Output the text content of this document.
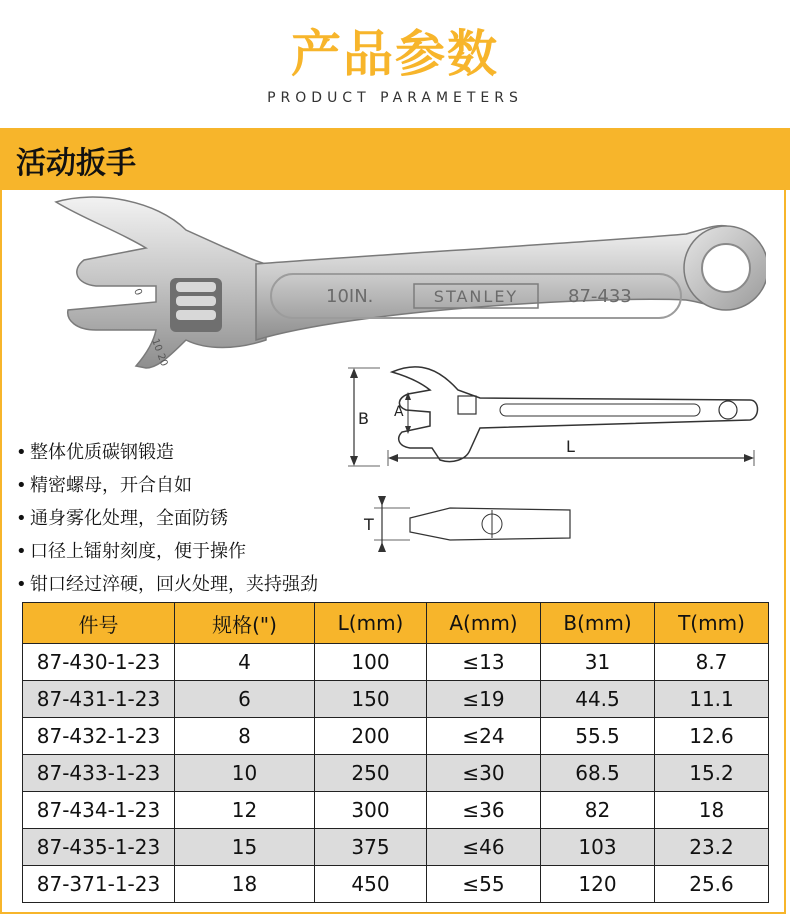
产品参数
PRODUCT PARAMETERS
活动扳手
0
10 20
10IN.	STANLEY	87-433
B A
L
T
• 整体优质碳钢锻造
• 精密螺母，开合自如
• 通身雾化处理，全面防锈
• 口径上镭射刻度，便于操作
• 钳口经过淬硬，回火处理，夹持强劲
件号	规格(")	L(mm)	A(mm)	B(mm)	T(mm)
87-430-1-23	4	100	≤13	31	8.7
87-431-1-23	6	150	≤19	44.5	11.1
87-432-1-23	8	200	≤24	55.5	12.6
87-433-1-23	10	250	≤30	68.5	15.2
87-434-1-23	12	300	≤36	82	18
87-435-1-23	15	375	≤46	103	23.2
87-371-1-23	18	450	≤55	120	25.6
